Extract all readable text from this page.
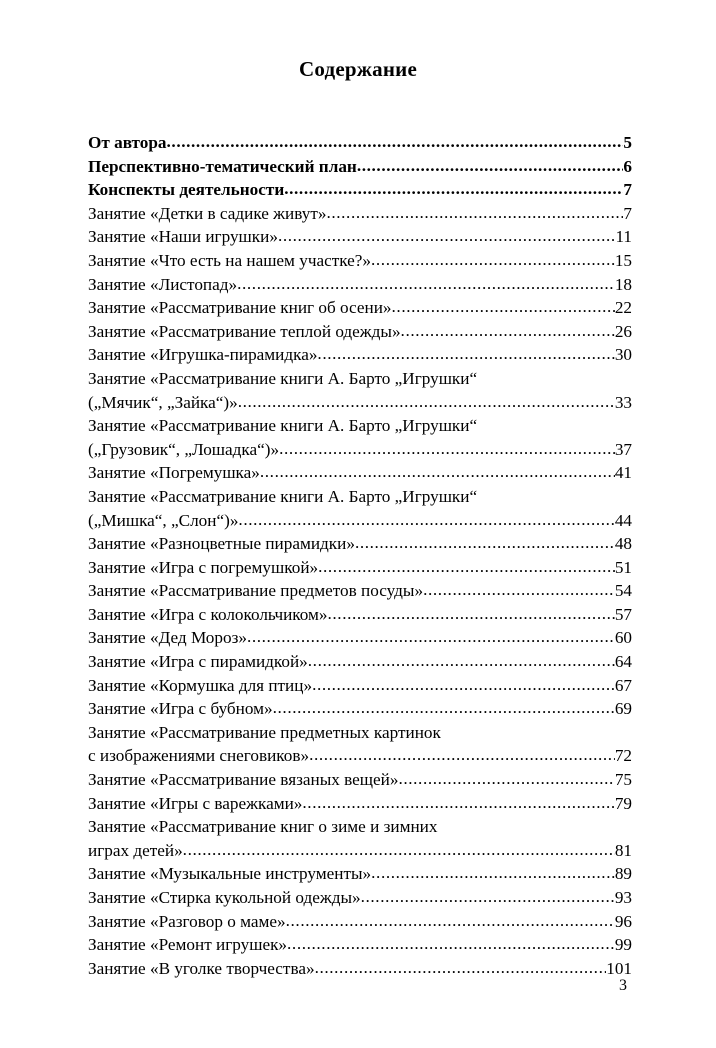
Содержание
От автора .....	5
Перспективно-тематический план .....	6
Конспекты деятельности .....	7
Занятие «Детки в садике живут» .....	7
Занятие «Наши игрушки» .....	11
Занятие «Что есть на нашем участке?» .....	15
Занятие «Листопад» .....	18
Занятие «Рассматривание книг об осени» .....	22
Занятие «Рассматривание теплой одежды» .....	26
Занятие «Игрушка-пирамидка» .....	30
Занятие «Рассматривание книги А. Барто „Игрушки“
(„Мячик“, „Зайка“)» .....	33
Занятие «Рассматривание книги А. Барто „Игрушки“
(„Грузовик“, „Лошадка“)» .....	37
Занятие «Погремушка» .....	41
Занятие «Рассматривание книги А. Барто „Игрушки“
(„Мишка“, „Слон“)» .....	44
Занятие «Разноцветные пирамидки» .....	48
Занятие «Игра с погремушкой» .....	51
Занятие «Рассматривание предметов посуды» .....	54
Занятие «Игра с колокольчиком» .....	57
Занятие «Дед Мороз» .....	60
Занятие «Игра с пирамидкой» .....	64
Занятие «Кормушка для птиц» .....	67
Занятие «Игра с бубном» .....	69
Занятие «Рассматривание предметных картинок
с изображениями снеговиков» .....	72
Занятие «Рассматривание вязаных вещей» .....	75
Занятие «Игры с варежками» .....	79
Занятие «Рассматривание книг о зиме и зимних
играх детей» .....	81
Занятие «Музыкальные инструменты» .....	89
Занятие «Стирка кукольной одежды» .....	93
Занятие «Разговор о маме» .....	96
Занятие «Ремонт игрушек» .....	99
Занятие «В уголке творчества» .....	101
3
